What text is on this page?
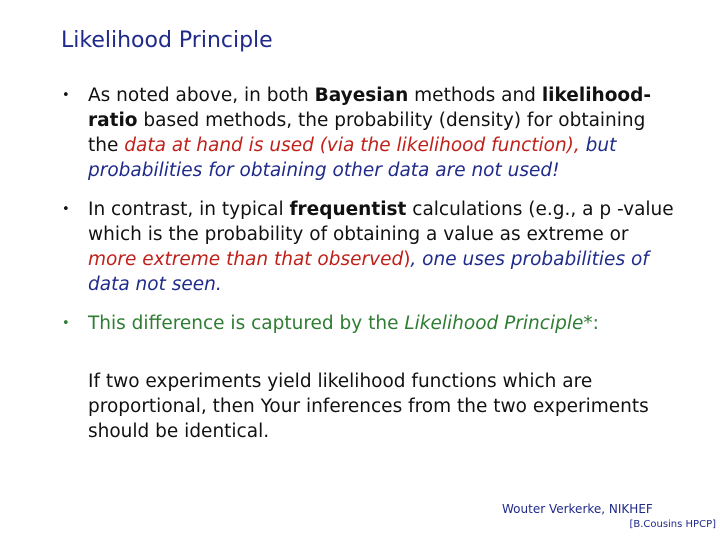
Likelihood Principle
• As noted above, in both Bayesian methods and likelihood-ratio based methods, the probability (density) for obtaining the data at hand is used (via the likelihood function), but probabilities for obtaining other data are not used!
• In contrast, in typical frequentist calculations (e.g., a p -value which is the probability of obtaining a value as extreme or more extreme than that observed), one uses probabilities of data not seen.
• This difference is captured by the Likelihood Principle*:
If two experiments yield likelihood functions which are proportional, then Your inferences from the two experiments should be identical.
Wouter Verkerke, NIKHEF
[B.Cousins HPCP]
